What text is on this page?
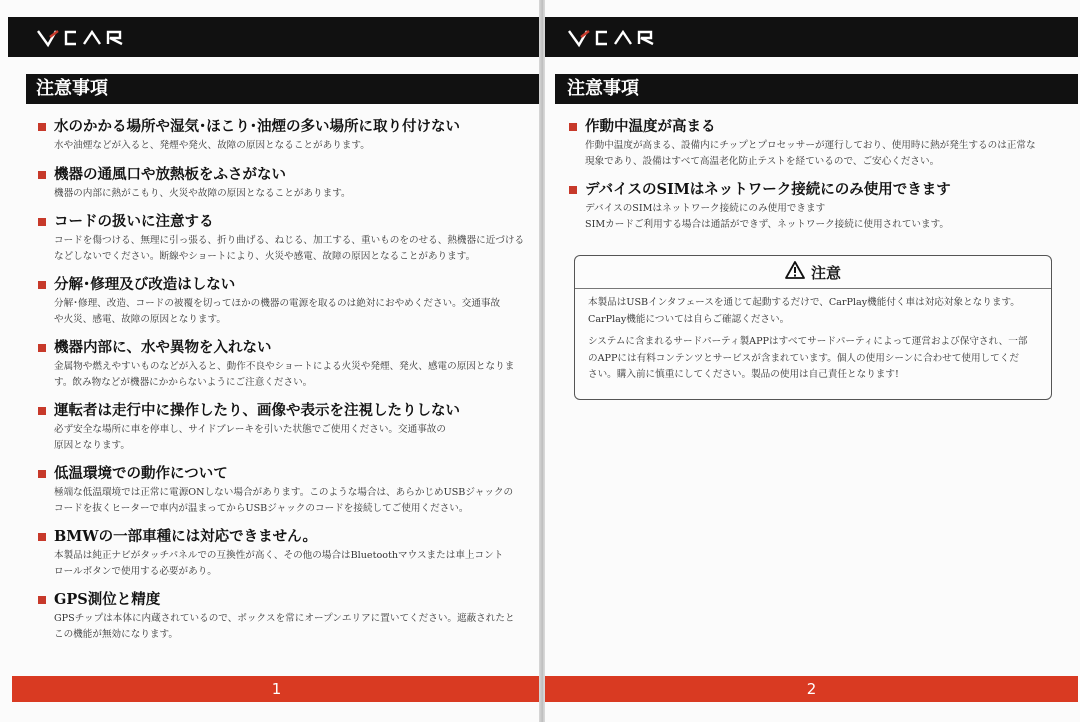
注意事項
水のかかる場所や湿気･ほこり･油煙の多い場所に取り付けない

水や油煙などが入ると、発煙や発火、故障の原因となることがあります。

機器の通風口や放熱板をふさがない

機器の内部に熱がこもり、火災や故障の原因となることがあります。

コードの扱いに注意する

コードを傷つける、無理に引っ張る、折り曲げる、ねじる、加工する、重いものをのせる、熱機器に近づける

などしないでください。断線やショートにより、火災や感電、故障の原因となることがあります。

分解･修理及び改造はしない

分解･修理、改造、コードの被覆を切ってほかの機器の電源を取るのは絶対におやめください。交通事故

や火災、感電、故障の原因となります。

機器内部に、水や異物を入れない

金属物や燃えやすいものなどが入ると、動作不良やショートによる火災や発煙、発火、感電の原因となりま

す。飲み物などが機器にかからないようにご注意ください。

運転者は走行中に操作したり、画像や表示を注視したりしない

必ず安全な場所に車を停車し、サイドブレーキを引いた状態でご使用ください。交通事故の

原因となります。

低温環境での動作について

極端な低温環境では正常に電源ONしない場合があります。このような場合は、あらかじめUSBジャックの

コードを抜くヒーターで車内が温まってからUSBジャックのコードを接続してご使用ください。

BMWの一部車種には対応できません。

本製品は純正ナビがタッチパネルでの互換性が高く、その他の場合はBluetoothマウスまたは車上コント

ロールボタンで使用する必要があり。

GPS測位と精度

GPSチップは本体に内蔵されているので、ボックスを常にオープンエリアに置いてください。遮蔽されたと

この機能が無効になります。

1
注意事項
作動中温度が高まる

作動中温度が高まる、設備内にチップとプロセッサーが運行しており、使用時に熱が発生するのは正常な

現象であり、設備はすべて高温老化防止テストを経ているので、ご安心ください。

デバイスのSIMはネットワーク接続にのみ使用できます

デバイスのSIMはネットワーク接続にのみ使用できます

SIMカードご利用する場合は通話ができず、ネットワーク接続に使用されています。

注意

本製品はUSBインタフェースを通じて起動するだけで、CarPlay機能付く車は対応対象となります。
CarPlay機能については自らご確認ください。

システムに含まれるサードパーティ製APPはすべてサードパーティによって運営および保守され、一部
のAPPには有料コンテンツとサービスが含まれています。個人の使用シーンに合わせて使用してくだ
さい。購入前に慎重にしてください。製品の使用は自己責任となります!

2
